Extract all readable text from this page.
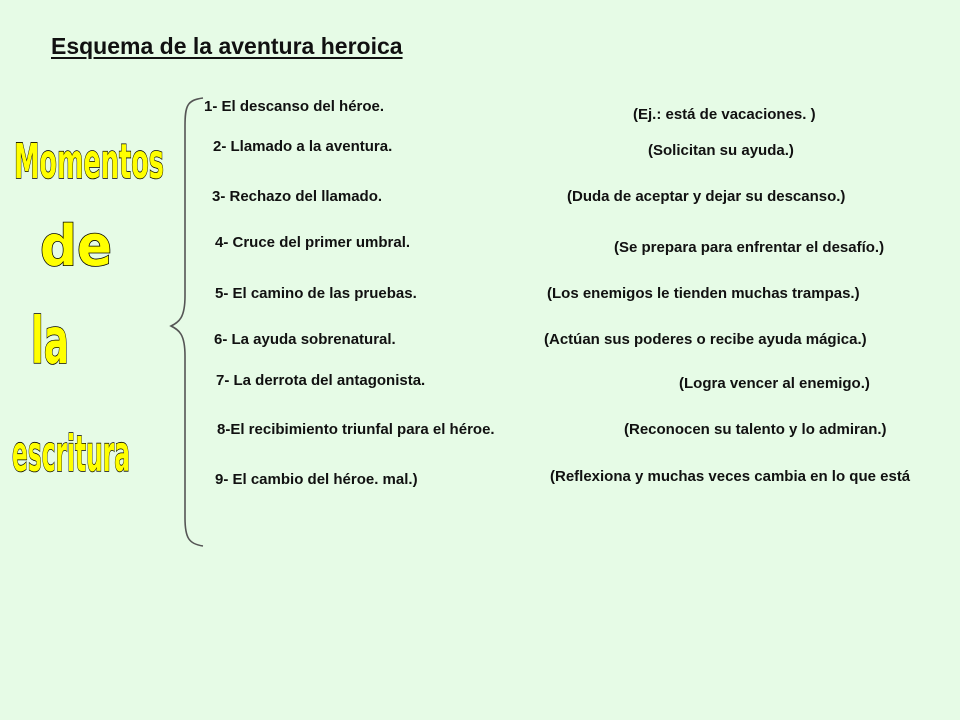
Esquema de la aventura heroica
Momentos
de
la
escritura
1- El descanso del héroe.
2- Llamado a la aventura.
3- Rechazo del llamado.
4- Cruce del primer umbral.
5- El camino de las pruebas.
6- La ayuda sobrenatural.
7- La derrota del antagonista.
8-El recibimiento triunfal para el héroe.
9- El cambio del héroe. mal.)
(Ej.: está de vacaciones. )
(Solicitan su ayuda.)
(Duda de aceptar y dejar su descanso.)
(Se prepara para enfrentar el desafío.)
(Los enemigos le tienden muchas trampas.)
(Actúan sus poderes o recibe ayuda mágica.)
(Logra vencer al enemigo.)
(Reconocen su talento y lo admiran.)
(Reflexiona y muchas veces cambia en lo que está
